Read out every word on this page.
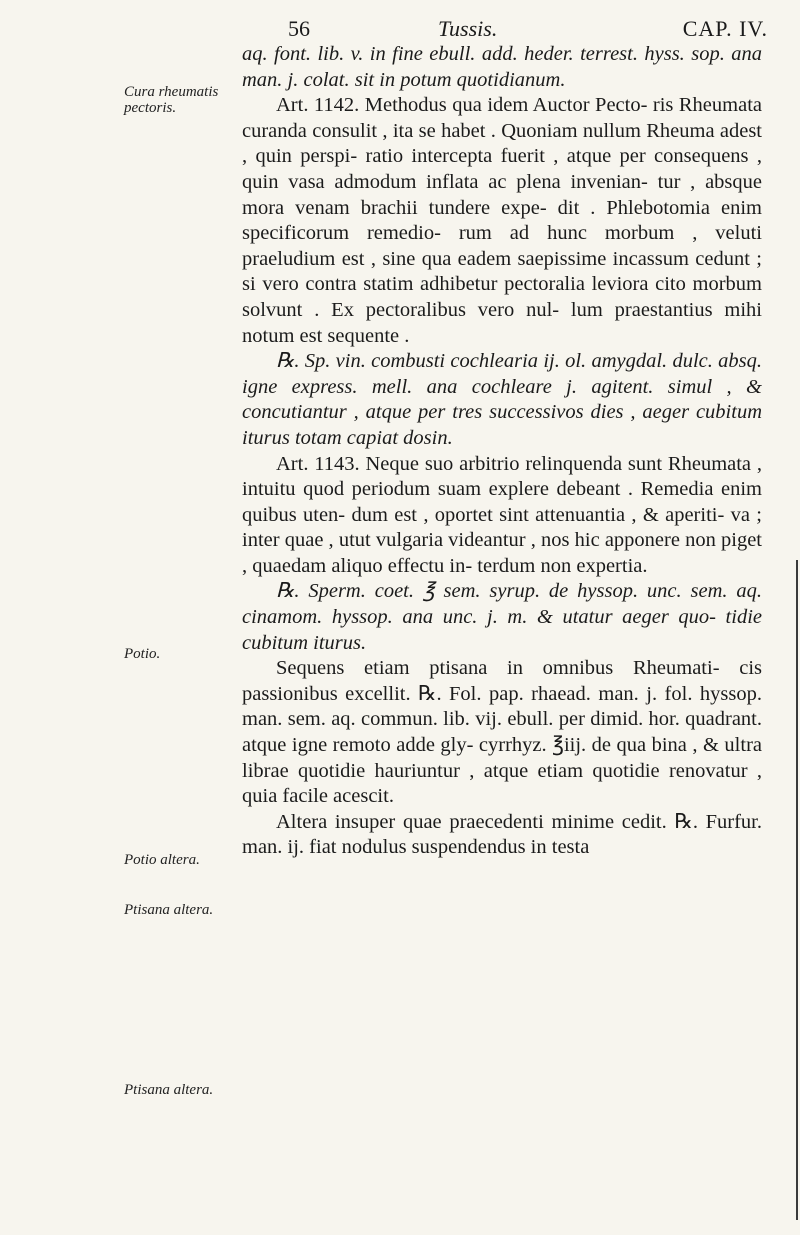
56	Tussis.	CAP. IV.
Cura rheumatis pectoris.
Potio.
Potio altera.
Ptisana altera.
Ptisana altera.

aq. font. lib. v. in fine ebull. add. heder. terrest. hyss. sop. ana man. j. colat. sit in potum quotidianum.

Art. 1142. Methodus qua idem Auctor Pecto- ris Rheumata curanda consulit , ita se habet . Quoniam nullum Rheuma adest , quin perspi- ratio intercepta fuerit , atque per consequens , quin vasa admodum inflata ac plena invenian- tur , absque mora venam brachii tundere expe- dit . Phlebotomia enim specificorum remedio- rum ad hunc morbum , veluti praeludium est , sine qua eadem saepissime incassum cedunt ; si vero contra statim adhibetur pectoralia leviora cito morbum solvunt . Ex pectoralibus vero nul- lum praestantius mihi notum est sequente .

℞. Sp. vin. combusti cochlearia ij. ol. amygdal. dulc. absq. igne express. mell. ana cochleare j. agitent. simul , & concutiantur , atque per tres successivos dies , aeger cubitum iturus totam capiat dosin.

Art. 1143. Neque suo arbitrio relinquenda sunt Rheumata , intuitu quod periodum suam explere debeant . Remedia enim quibus uten- dum est , oportet sint attenuantia , & aperiti- va ; inter quae , utut vulgaria videantur , nos hic apponere non piget , quaedam aliquo effectu in- terdum non expertia.

℞. Sperm. coet. ℥ sem. syrup. de hyssop. unc. sem. aq. cinamom. hyssop. ana unc. j. m. & utatur aeger quo- tidie cubitum iturus.

Sequens etiam ptisana in omnibus Rheumati- cis passionibus excellit. ℞. Fol. pap. rhaead. man. j. fol. hyssop. man. sem. aq. commun. lib. vij. ebull. per dimid. hor. quadrant. atque igne remoto adde gly- cyrrhyz. ℥iij. de qua bina , & ultra librae quotidie hauriuntur , atque etiam quotidie renovatur , quia facile acescit.

Altera insuper quae praecedenti minime cedit. ℞. Furfur. man. ij. fiat nodulus suspendendus in testa
